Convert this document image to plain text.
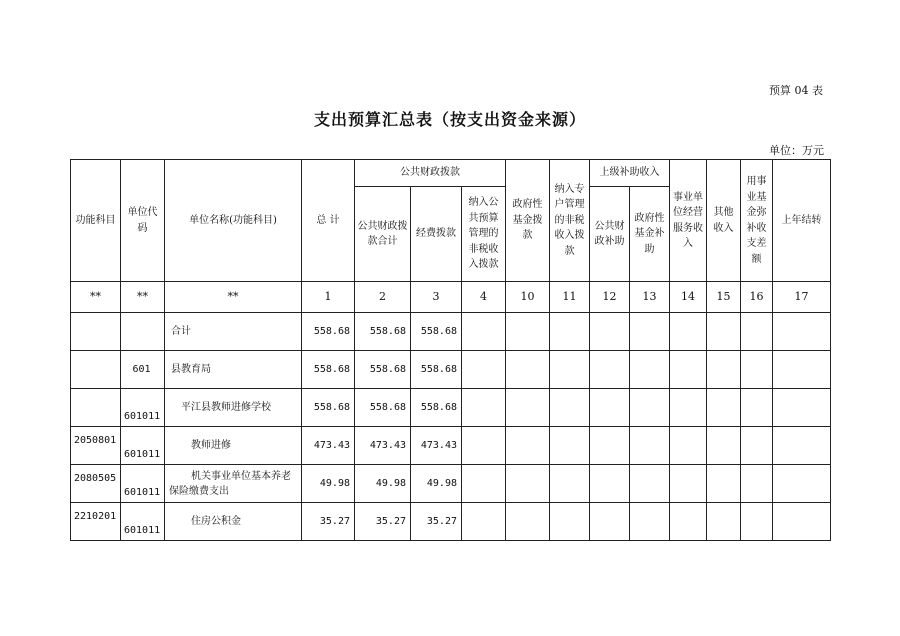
预算 04 表
支出预算汇总表（按支出资金来源）
单位：万元
功能科目	单位代码	单位名称(功能科目)	总 计	公共财政拨款			政府性基金拨款	纳入专户管理的非税收入拨款	上级补助收入		事业单位经营服务收入	其他收入	用事业基金弥补收支差额	上年结转
				公共财政拨款合计	经费拨款	纳入公共预算管理的非税收入拨款			公共财政补助	政府性基金补助				
**	**	**	1	2	3	4	10	11	12	13	14	15	16	17
		合计	558.68	558.68	558.68									
	601	县教育局	558.68	558.68	558.68									
	601011	平江县教师进修学校	558.68	558.68	558.68									
2050801	601011	教师进修	473.43	473.43	473.43									
2080505	601011	机关事业单位基本养老保险缴费支出	49.98	49.98	49.98									
2210201	601011	住房公积金	35.27	35.27	35.27									
